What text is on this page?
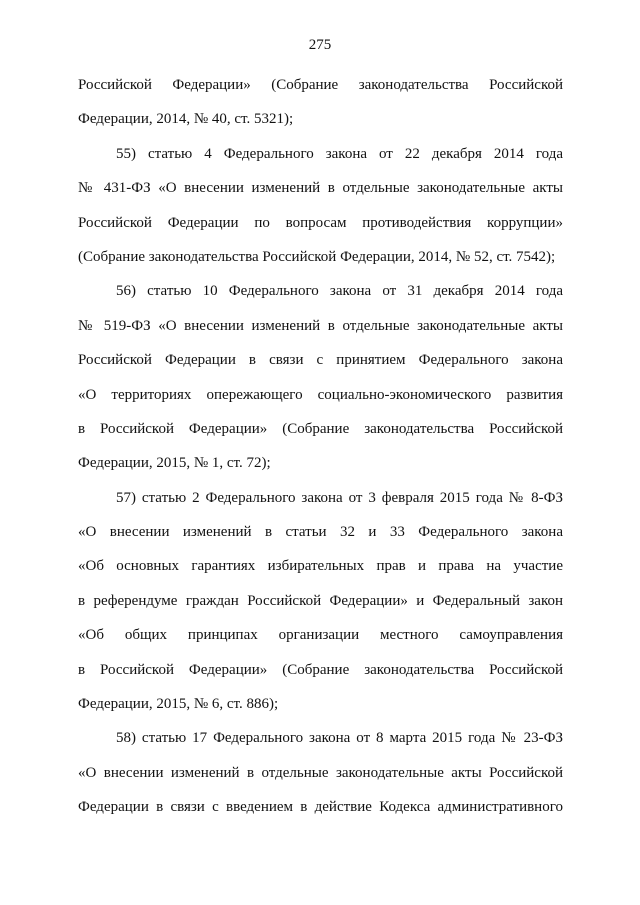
275
Российской Федерации» (Собрание законодательства Российской
Федерации, 2014, № 40, ст. 5321);
55) статью 4 Федерального закона от 22 декабря 2014 года
№ 431-ФЗ «О внесении изменений в отдельные законодательные акты
Российской Федерации по вопросам противодействия коррупции»
(Собрание законодательства Российской Федерации, 2014, № 52, ст. 7542);
56) статью 10 Федерального закона от 31 декабря 2014 года
№ 519-ФЗ «О внесении изменений в отдельные законодательные акты
Российской Федерации в связи с принятием Федерального закона
«О территориях опережающего социально-экономического развития
в Российской Федерации» (Собрание законодательства Российской
Федерации, 2015, № 1, ст. 72);
57) статью 2 Федерального закона от 3 февраля 2015 года № 8-ФЗ
«О внесении изменений в статьи 32 и 33 Федерального закона
«Об основных гарантиях избирательных прав и права на участие
в референдуме граждан Российской Федерации» и Федеральный закон
«Об общих принципах организации местного самоуправления
в Российской Федерации» (Собрание законодательства Российской
Федерации, 2015, № 6, ст. 886);
58) статью 17 Федерального закона от 8 марта 2015 года № 23-ФЗ
«О внесении изменений в отдельные законодательные акты Российской
Федерации в связи с введением в действие Кодекса административного
